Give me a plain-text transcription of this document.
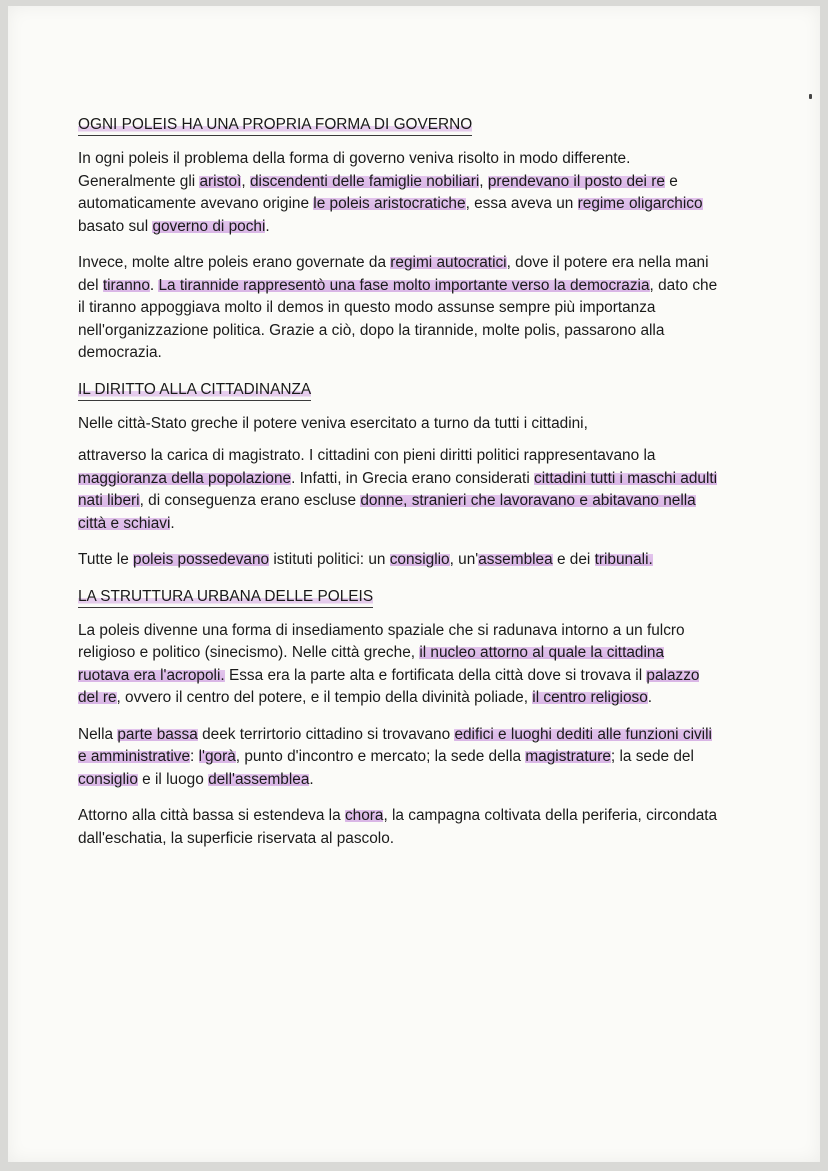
OGNI POLEIS HA UNA PROPRIA FORMA DI GOVERNO

In ogni poleis il problema della forma di governo veniva risolto in modo differente. Generalmente gli aristoì, discendenti delle famiglie nobiliari, prendevano il posto dei re e automaticamente avevano origine le poleis aristocratiche, essa aveva un regime oligarchico basato sul governo di pochi.

Invece, molte altre poleis erano governate da regimi autocratici, dove il potere era nella mani del tiranno. La tirannide rappresentò una fase molto importante verso la democrazia, dato che il tiranno appoggiava molto il demos in questo modo assunse sempre più importanza nell'organizzazione politica. Grazie a ciò, dopo la tirannide, molte polis, passarono alla democrazia.

IL DIRITTO ALLA CITTADINANZA

Nelle città-Stato greche il potere veniva esercitato a turno da tutti i cittadini,

attraverso la carica di magistrato. I cittadini con pieni diritti politici rappresentavano la maggioranza della popolazione. Infatti, in Grecia erano considerati cittadini tutti i maschi adulti nati liberi, di conseguenza erano escluse donne, stranieri che lavoravano e abitavano nella città e schiavi.

Tutte le poleis possedevano istituti politici: un consiglio, un'assemblea e dei tribunali.

LA STRUTTURA URBANA DELLE POLEIS

La poleis divenne una forma di insediamento spaziale che si radunava intorno a un fulcro religioso e politico (sinecismo). Nelle città greche, il nucleo attorno al quale la cittadina ruotava era l'acropoli. Essa era la parte alta e fortificata della città dove si trovava il palazzo del re, ovvero il centro del potere, e il tempio della divinità poliade, il centro religioso.

Nella parte bassa deek terrirtorio cittadino si trovavano edifici e luoghi dediti alle funzioni civili e amministrative: l'gorà, punto d'incontro e mercato; la sede della magistrature; la sede del consiglio e il luogo dell'assemblea.

Attorno alla città bassa si estendeva la chora, la campagna coltivata della periferia, circondata dall'eschatia, la superficie riservata al pascolo.
